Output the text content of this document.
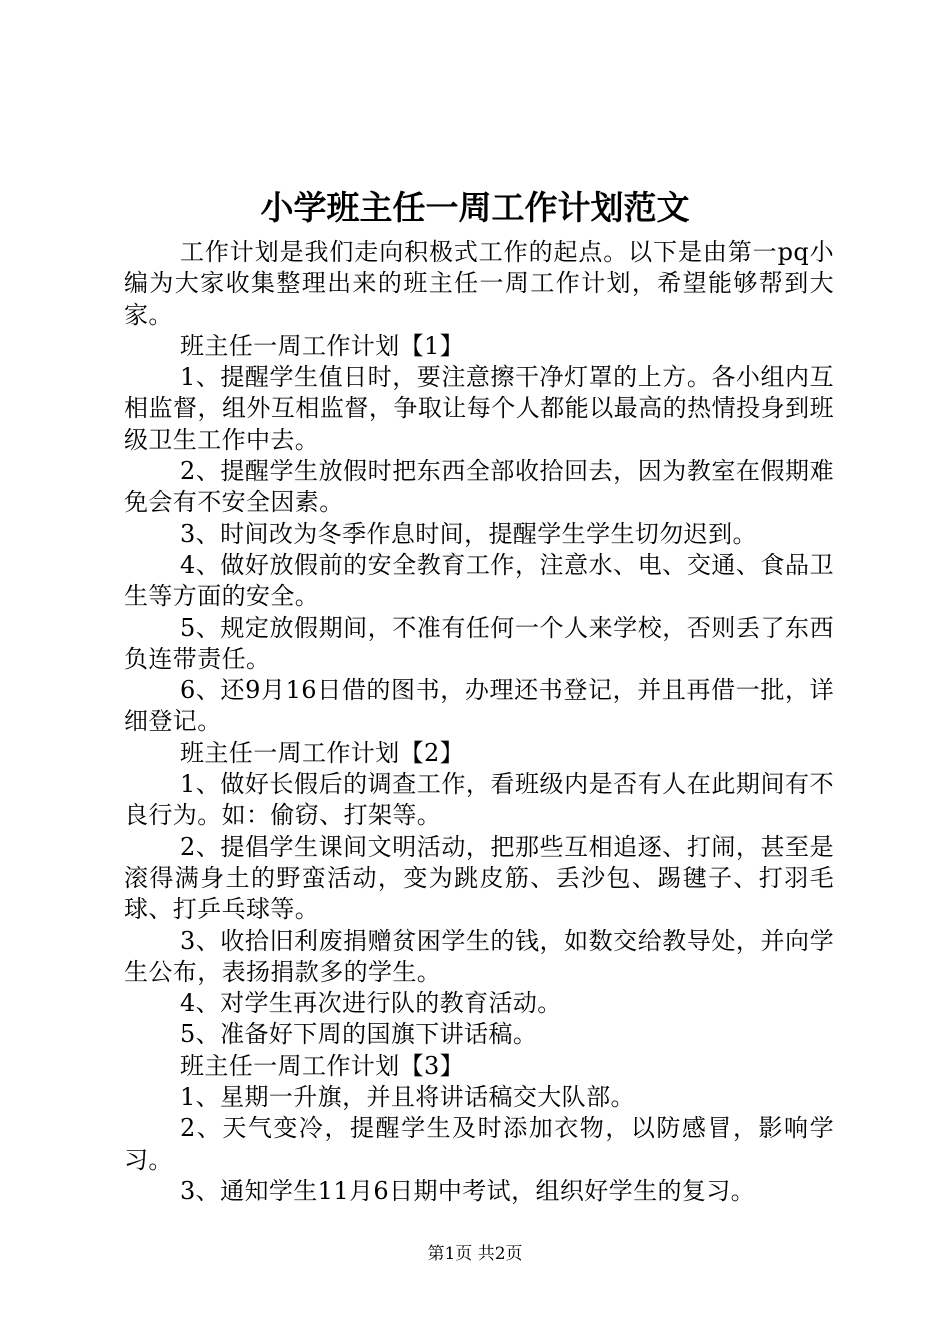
小学班主任一周工作计划范文

工作计划是我们走向积极式工作的起点。以下是由第一pq小编为大家收集整理出来的班主任一周工作计划，希望能够帮到大家。

班主任一周工作计划【1】

1、提醒学生值日时，要注意擦干净灯罩的上方。各小组内互相监督，组外互相监督，争取让每个人都能以最高的热情投身到班级卫生工作中去。

2、提醒学生放假时把东西全部收拾回去，因为教室在假期难免会有不安全因素。

3、时间改为冬季作息时间，提醒学生学生切勿迟到。

4、做好放假前的安全教育工作，注意水、电、交通、食品卫生等方面的安全。

5、规定放假期间，不准有任何一个人来学校，否则丢了东西负连带责任。

6、还9月16日借的图书，办理还书登记，并且再借一批，详细登记。

班主任一周工作计划【2】

1、做好长假后的调查工作，看班级内是否有人在此期间有不良行为。如：偷窃、打架等。

2、提倡学生课间文明活动，把那些互相追逐、打闹，甚至是滚得满身土的野蛮活动，变为跳皮筋、丢沙包、踢毽子、打羽毛球、打乒乓球等。

3、收拾旧利废捐赠贫困学生的钱，如数交给教导处，并向学生公布，表扬捐款多的学生。

4、对学生再次进行队的教育活动。

5、准备好下周的国旗下讲话稿。

班主任一周工作计划【3】

1、星期一升旗，并且将讲话稿交大队部。

2、天气变冷，提醒学生及时添加衣物，以防感冒，影响学习。

3、通知学生11月6日期中考试，组织好学生的复习。

第1页 共2页
